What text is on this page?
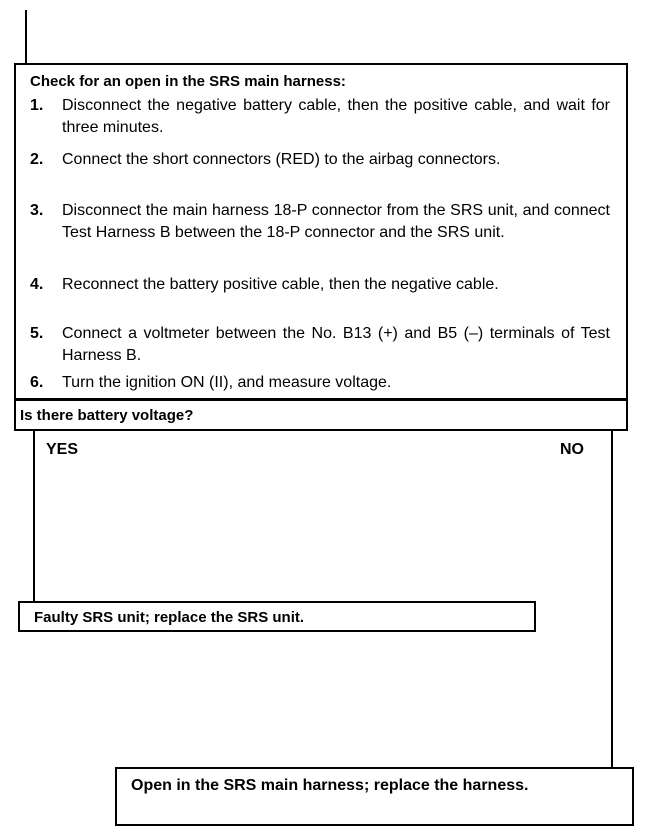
Check for an open in the SRS main harness:
1. Disconnect the negative battery cable, then the positive cable, and wait for three minutes.
2. Connect the short connectors (RED) to the airbag connectors.
3. Disconnect the main harness 18-P connector from the SRS unit, and connect Test Harness B between the 18-P connector and the SRS unit.
4. Reconnect the battery positive cable, then the negative cable.
5. Connect a voltmeter between the No. B13 (+) and B5 (–) terminals of Test Harness B.
6. Turn the ignition ON (II), and measure voltage.
Is there battery voltage?
YES	NO
Faulty SRS unit; replace the SRS unit.
Open in the SRS main harness; replace the harness.
